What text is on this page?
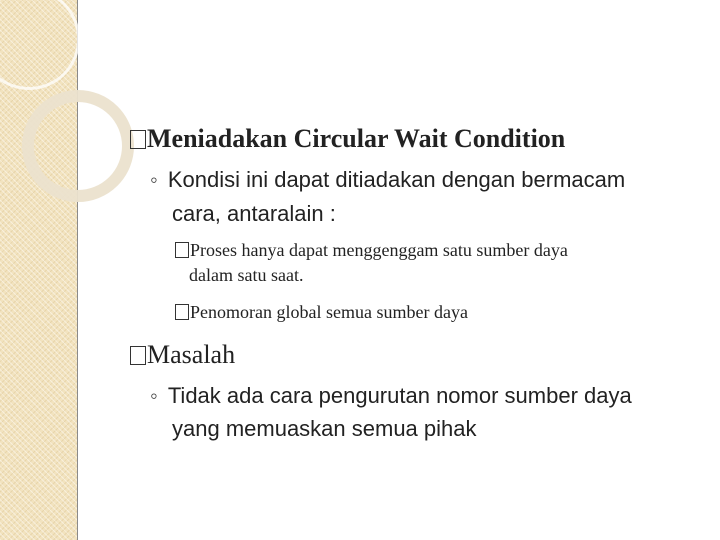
Meniadakan Circular Wait Condition
◦ Kondisi ini dapat ditiadakan dengan bermacam
cara, antaralain :
Proses hanya dapat menggenggam satu sumber daya
dalam satu saat.
Penomoran global semua sumber daya
Masalah
◦ Tidak ada cara pengurutan nomor sumber daya
yang memuaskan semua pihak
